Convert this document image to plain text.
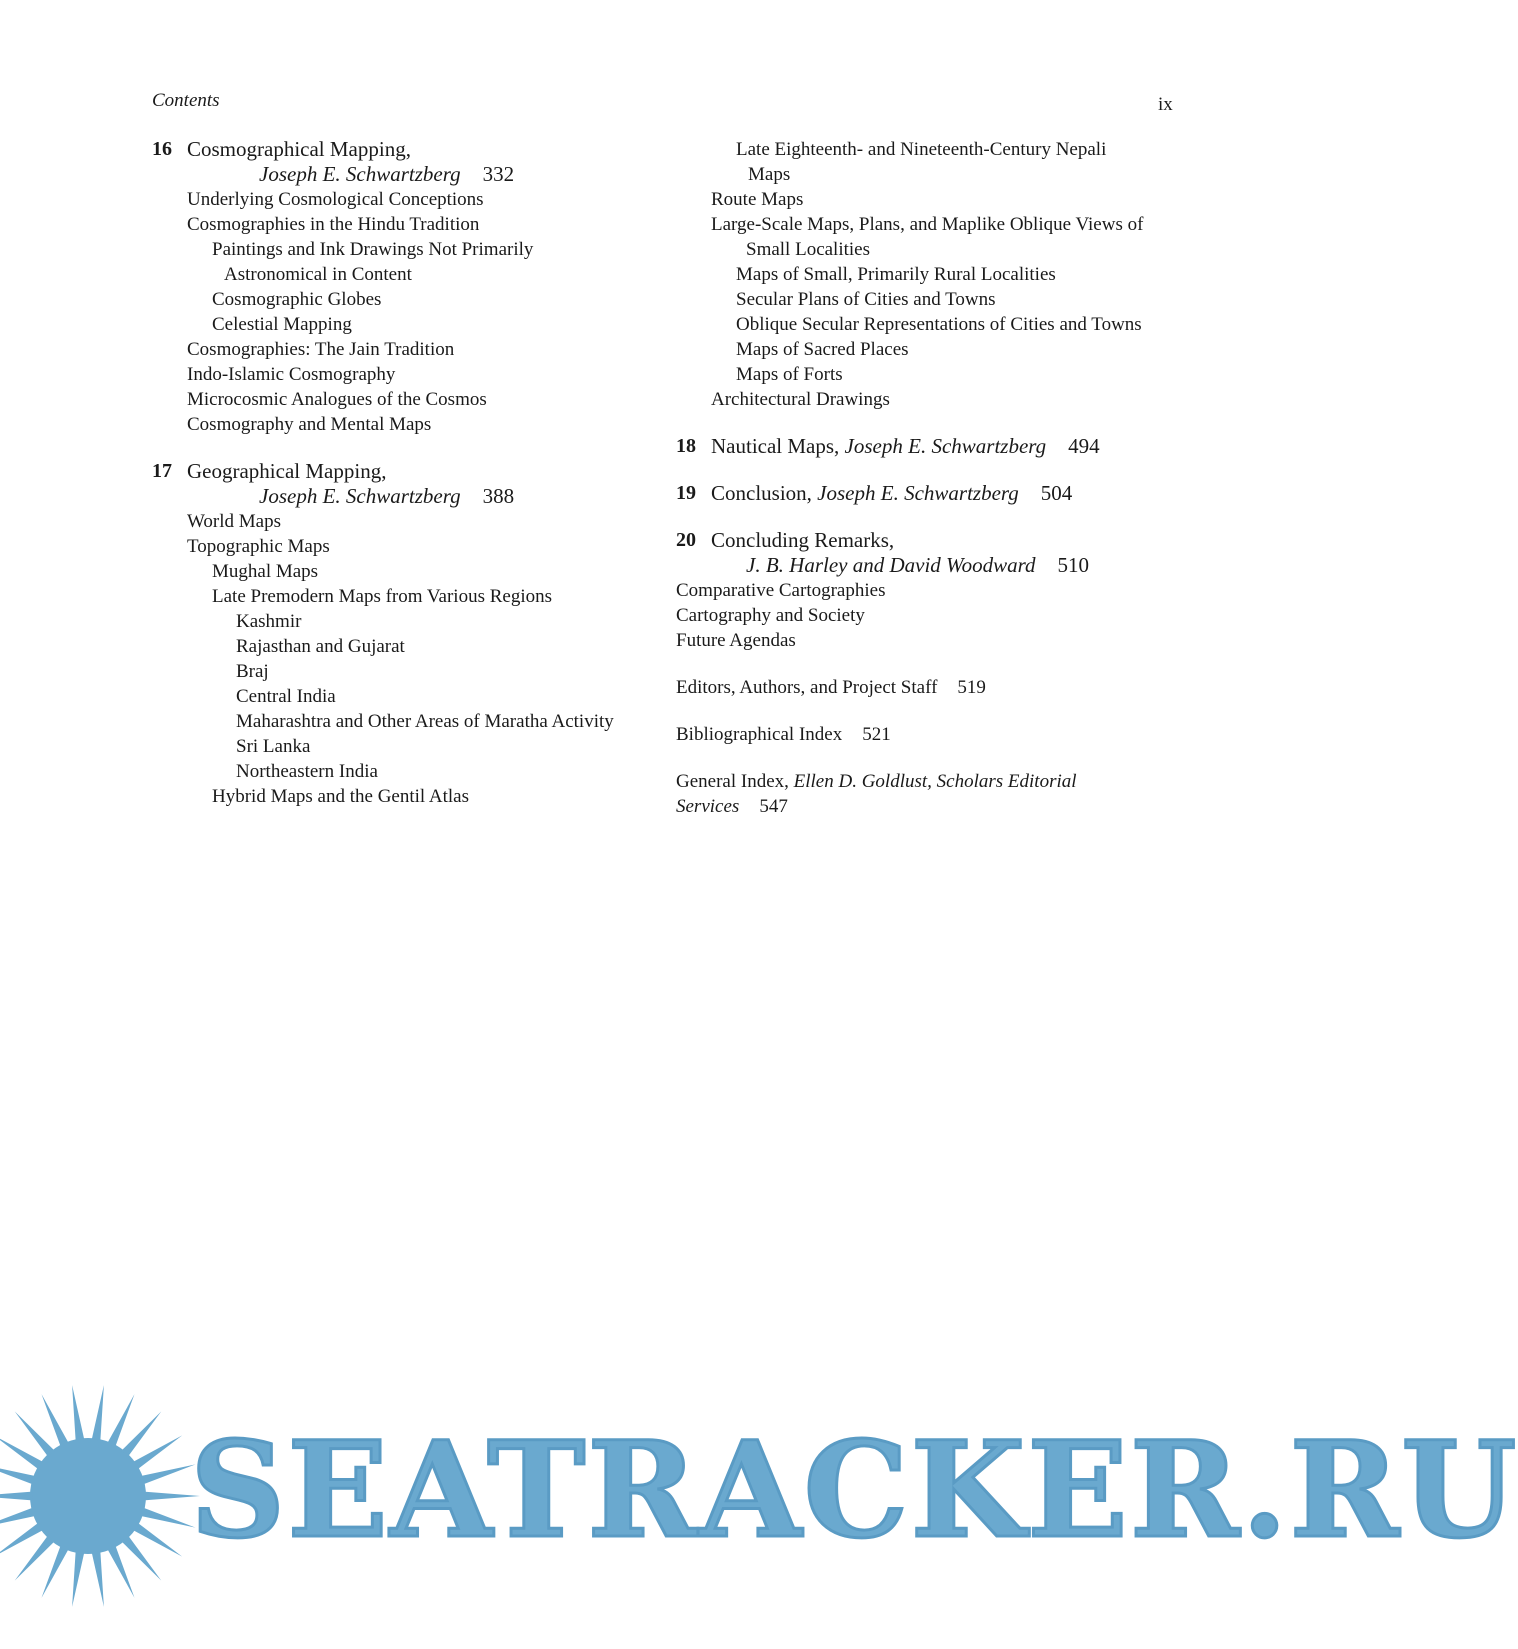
Contents	ix
16 Cosmographical Mapping,
Joseph E. Schwartzberg 332
Underlying Cosmological Conceptions
Cosmographies in the Hindu Tradition
Paintings and Ink Drawings Not Primarily
Astronomical in Content
Cosmographic Globes
Celestial Mapping
Cosmographies: The Jain Tradition
Indo-Islamic Cosmography
Microcosmic Analogues of the Cosmos
Cosmography and Mental Maps
17 Geographical Mapping,
Joseph E. Schwartzberg 388
World Maps
Topographic Maps
Mughal Maps
Late Premodern Maps from Various Regions
Kashmir
Rajasthan and Gujarat
Braj
Central India
Maharashtra and Other Areas of Maratha Activity
Sri Lanka
Northeastern India
Hybrid Maps and the Gentil Atlas
Late Eighteenth- and Nineteenth-Century Nepali
Maps
Route Maps
Large-Scale Maps, Plans, and Maplike Oblique Views of
Small Localities
Maps of Small, Primarily Rural Localities
Secular Plans of Cities and Towns
Oblique Secular Representations of Cities and Towns
Maps of Sacred Places
Maps of Forts
Architectural Drawings
18 Nautical Maps, Joseph E. Schwartzberg 494
19 Conclusion, Joseph E. Schwartzberg 504
20 Concluding Remarks,
J. B. Harley and David Woodward 510
Comparative Cartographies
Cartography and Society
Future Agendas
Editors, Authors, and Project Staff 519
Bibliographical Index 521
General Index, Ellen D. Goldlust, Scholars Editorial
Services 547
SEATRACKER.RU
